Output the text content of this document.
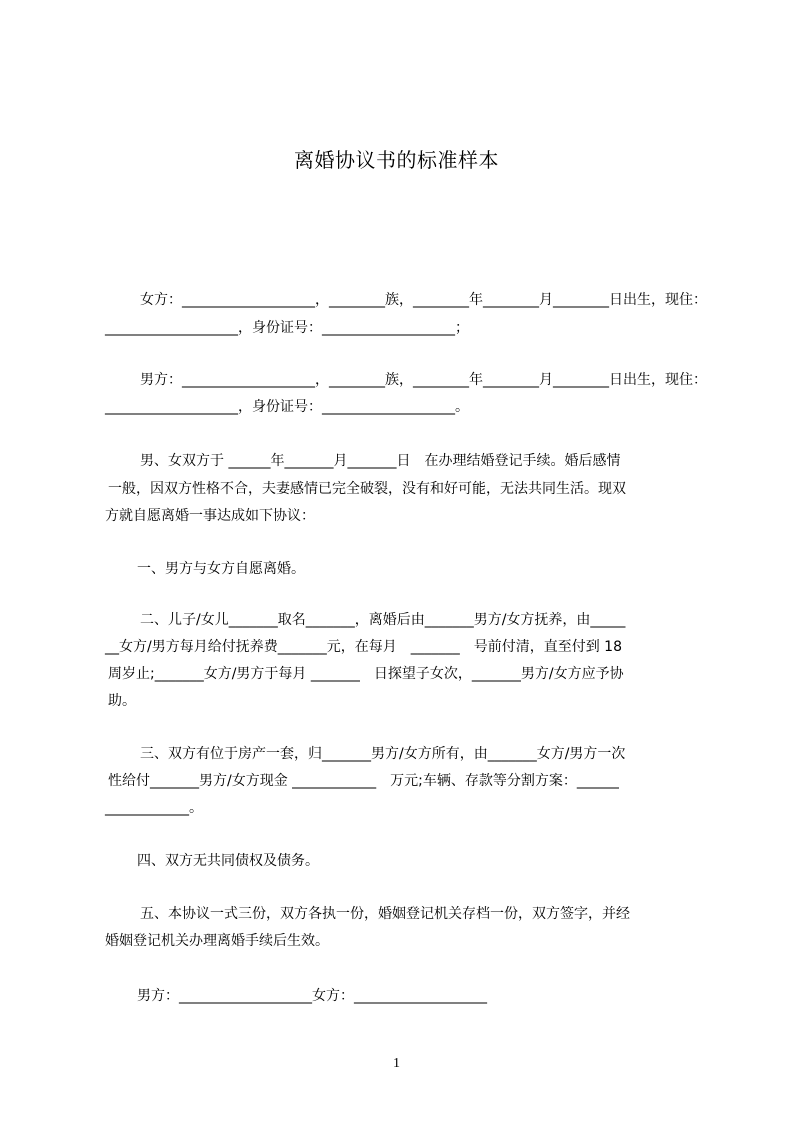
离婚协议书的标准样本
女方：___________________，________族，________年________月________日出生，现住：
___________________，身份证号：___________________；
男方：___________________，________族，________年________月________日出生，现住：
___________________，身份证号：___________________。
男、女双方于 ______年_______月_______日　在办理结婚登记手续。婚后感情
一般，因双方性格不合，夫妻感情已完全破裂，没有和好可能，无法共同生活。现双
方就自愿离婚一事达成如下协议：
一、男方与女方自愿离婚。
二、儿子/女儿_______取名_______，离婚后由_______男方/女方抚养，由_____
__女方/男方每月给付抚养费_______元，在每月　_______　号前付清，直至付到 18
周岁止;_______女方/男方于每月 _______　日探望子女次，_______男方/女方应予协
助。
三、双方有位于房产一套，归_______男方/女方所有，由_______女方/男方一次
性给付_______男方/女方现金 ____________　万元;车辆、存款等分割方案：______
____________。
四、双方无共同债权及债务。
五、本协议一式三份，双方各执一份，婚姻登记机关存档一份，双方签字，并经
婚姻登记机关办理离婚手续后生效。
男方：___________________女方：___________________
1
